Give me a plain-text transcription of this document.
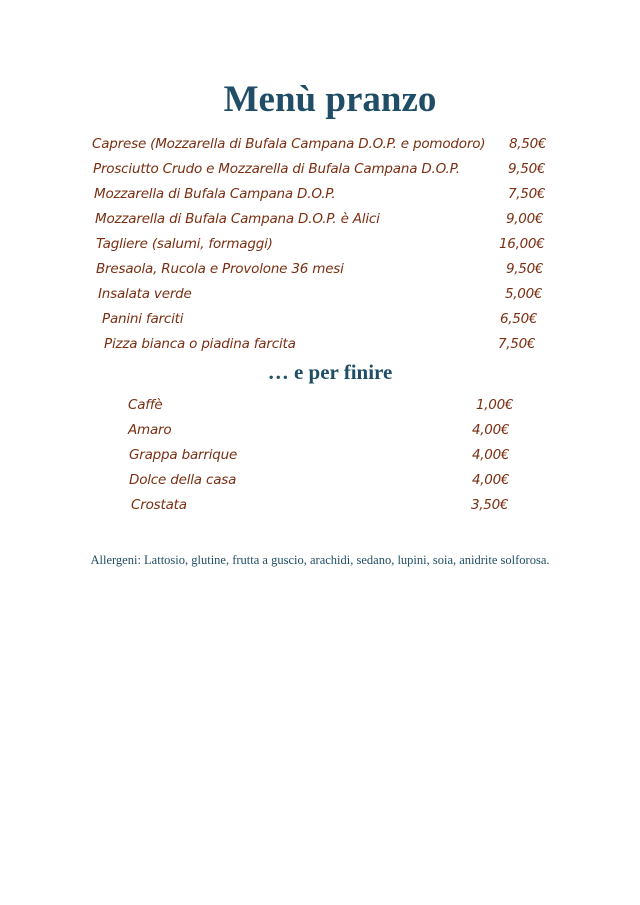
Menù pranzo
Caprese (Mozzarella di Bufala Campana D.O.P. e pomodoro) 8,50€
Prosciutto Crudo e Mozzarella di Bufala Campana D.O.P.	9,50€
Mozzarella di Bufala Campana D.O.P.	7,50€
Mozzarella di Bufala Campana D.O.P. è Alici	9,00€
Tagliere (salumi, formaggi)	16,00€
Bresaola, Rucola e Provolone 36 mesi	9,50€
Insalata verde	5,00€
Panini farciti	6,50€
Pizza bianca o piadina farcita	7,50€
… e per finire
Caffè	1,00€
Amaro	4,00€
Grappa barrique	4,00€
Dolce della casa	4,00€
Crostata	3,50€
Allergeni: Lattosio, glutine, frutta a guscio, arachidi, sedano, lupini, soia, anidrite solforosa.
